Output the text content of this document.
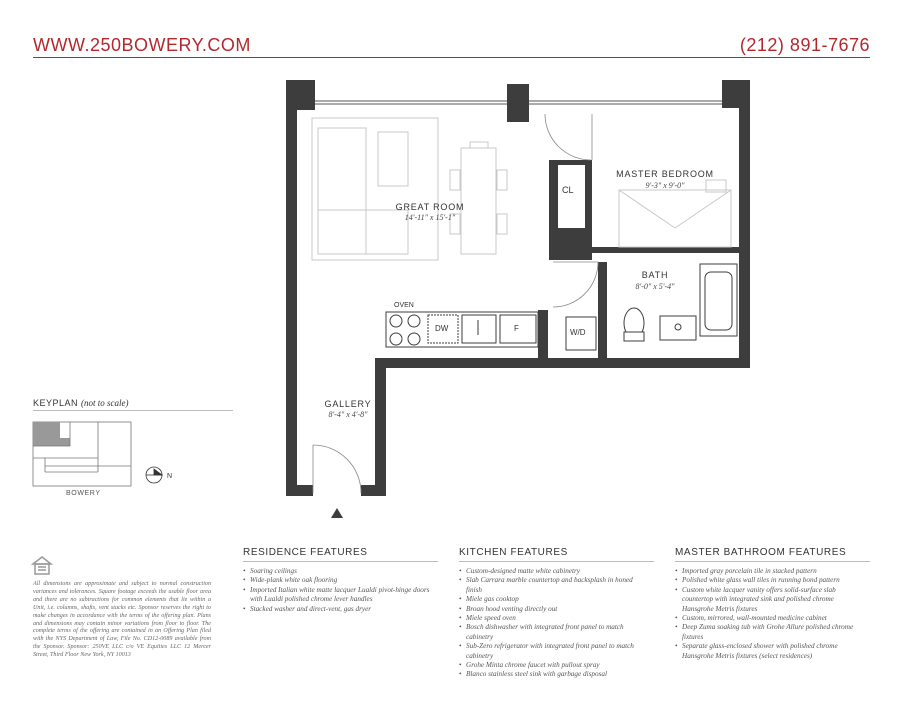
WWW.250BOWERY.COM	(212) 891-7676
N
GREAT ROOM
14'-11" x 15'-1"
MASTER BEDROOM
9'-3" x 9'-0"
BATH
8'-0" x 5'-4"
GALLERY
8'-4" x 4'-8"
CL
OVEN
DW	F	W/D
KEYPLAN (not to scale)
BOWERY
All dimensions are approximate and subject to normal construction variances and tolerances. Square footage exceeds the usable floor area and there are no subtractions for common elements that lie within a Unit, i.e. columns, shafts, vent stacks etc. Sponsor reserves the right to make changes in accordance with the terms of the offering plan. Plans and dimensions may contain minor variations from floor to floor. The complete terms of the offering are contained in an Offering Plan filed with the NYS Department of Law, File No. CD12-0089 available from the Sponsor. Sponsor: 250VE LLC c/o VE Equities LLC 12 Mercer Street, Third Floor New York, NY 10013
RESIDENCE FEATURES
• Soaring ceilings
• Wide-plank white oak flooring
• Imported Italian white matte lacquer Lualdi pivot-hinge doors with Lualdi polished chrome lever handles
• Stacked washer and direct-vent, gas dryer
KITCHEN FEATURES
• Custom-designed matte white cabinetry
• Slab Carrara marble countertop and backsplash in honed finish
• Miele gas cooktop
• Broan hood venting directly out
• Miele speed oven
• Bosch dishwasher with integrated front panel to match cabinetry
• Sub-Zero refrigerator with integrated front panel to match cabinetry
• Grohe Minta chrome faucet with pullout spray
• Blanco stainless steel sink with garbage disposal
MASTER BATHROOM FEATURES
• Imported gray porcelain tile in stacked pattern
• Polished white glass wall tiles in running bond pattern
• Custom white lacquer vanity offers solid-surface slab countertop with integrated sink and polished chrome Hansgrohe Metris fixtures
• Custom, mirrored, wall-mounted medicine cabinet
• Deep Zuma soaking tub with Grohe Allure polished chrome fixtures
• Separate glass-enclosed shower with polished chrome Hansgrohe Metris fixtures (select residences)
